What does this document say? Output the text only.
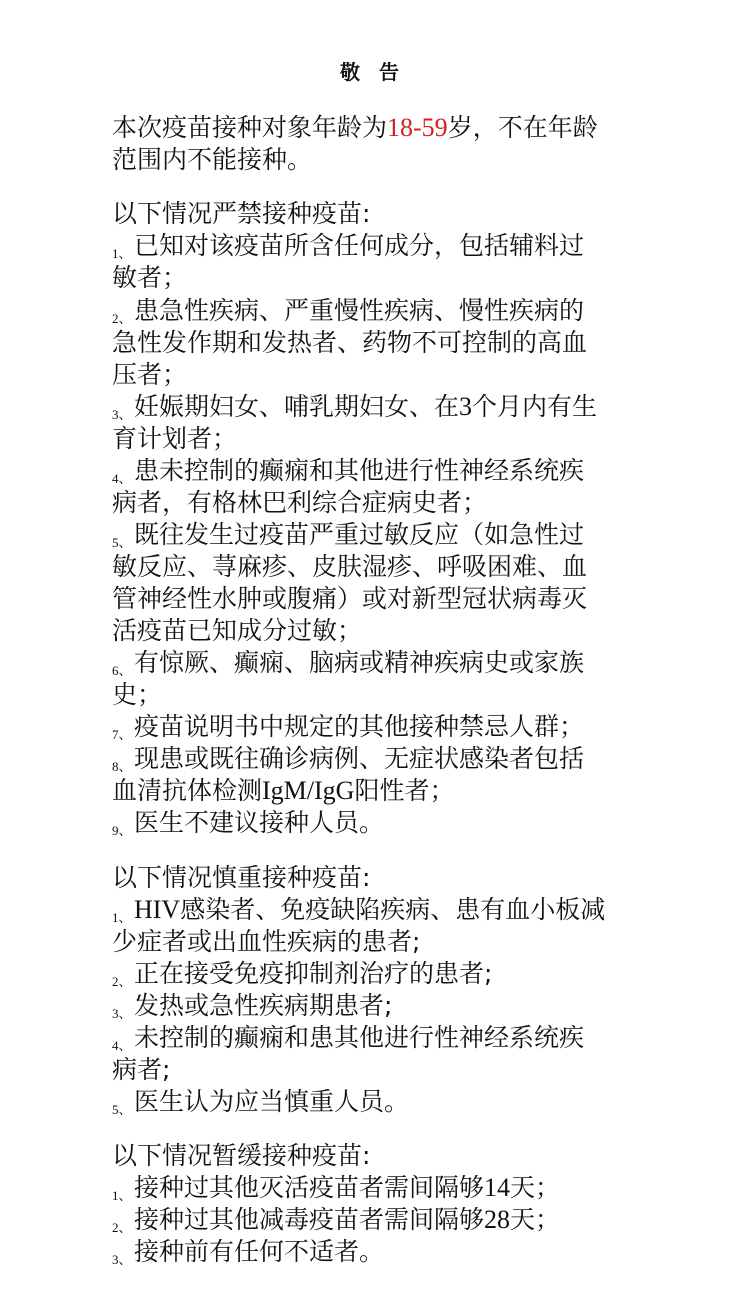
敬 告
本次疫苗接种对象年龄为18-59岁，不在年龄
范围内不能接种。
以下情况严禁接种疫苗:
1、已知对该疫苗所含任何成分，包括辅料过
敏者；
2、患急性疾病、严重慢性疾病、慢性疾病的
急性发作期和发热者、药物不可控制的高血
压者；
3、妊娠期妇女、哺乳期妇女、在3个月内有生
育计划者；
4、患未控制的癫痫和其他进行性神经系统疾
病者，有格林巴利综合症病史者；
5、既往发生过疫苗严重过敏反应（如急性过
敏反应、荨麻疹、皮肤湿疹、呼吸困难、血
管神经性水肿或腹痛）或对新型冠状病毒灭
活疫苗已知成分过敏；
6、有惊厥、癫痫、脑病或精神疾病史或家族
史；
7、疫苗说明书中规定的其他接种禁忌人群；
8、现患或既往确诊病例、无症状感染者包括
血清抗体检测IgM/IgG阳性者；
9、医生不建议接种人员。
以下情况慎重接种疫苗:
1、HIV感染者、免疫缺陷疾病、患有血小板减
少症者或出血性疾病的患者;
2、正在接受免疫抑制剂治疗的患者;
3、发热或急性疾病期患者;
4、未控制的癫痫和患其他进行性神经系统疾
病者;
5、医生认为应当慎重人员。
以下情况暂缓接种疫苗:
1、接种过其他灭活疫苗者需间隔够14天；
2、接种过其他减毒疫苗者需间隔够28天；
3、接种前有任何不适者。
